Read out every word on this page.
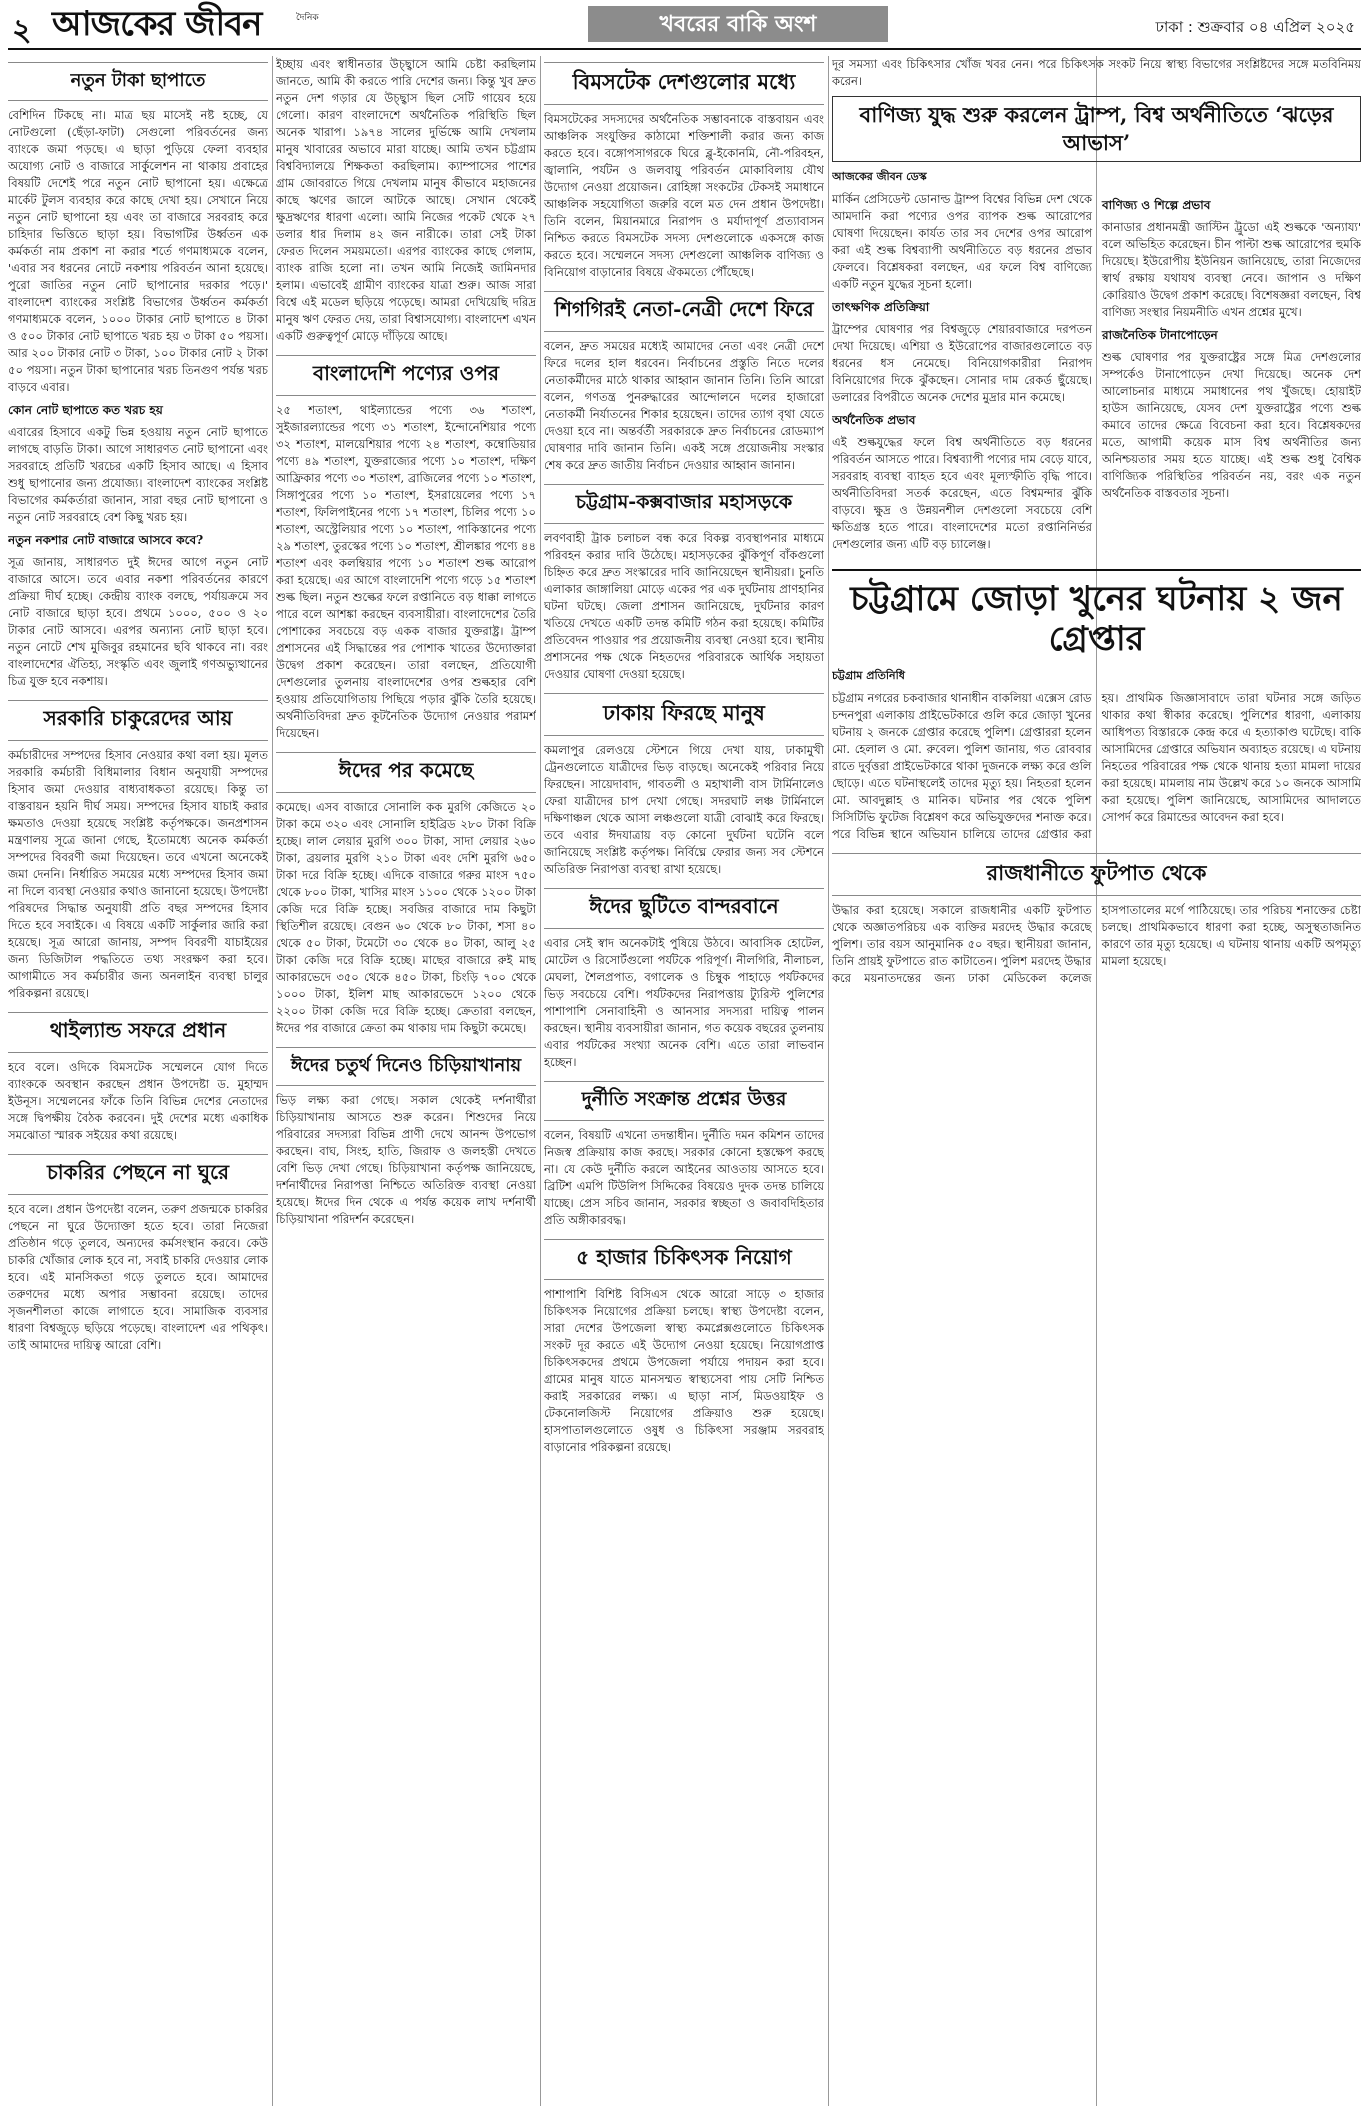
২ আজকের জীবন	দৈনিক	খবরের বাকি অংশ	ঢাকা : শুক্রবার ০৪ এপ্রিল ২০২৫
নতুন টাকা ছাপাতে

বেশিদিন টিকছে না। মাত্র ছয় মাসেই নষ্ট হচ্ছে, যে নোটগুলো (ছেঁড়া-ফাটা) সেগুলো পরিবর্তনের জন্য ব্যাংকে জমা পড়ছে। এ ছাড়া পুড়িয়ে ফেলা ব্যবহার অযোগ্য নোট ও বাজারে সার্কুলেশন না থাকায় প্রবাহের বিষয়টি দেশেই পরে নতুন নোট ছাপানো হয়। এক্ষেত্রে মার্কেট টুলস ব্যবহার করে কাছে দেখা হয়। সেখানে নিয়ে নতুন নোট ছাপানো হয় এবং তা বাজারে সরবরাহ করে চাহিদার ভিত্তিতে ছাড়া হয়। বিভাগটির উর্ধ্বতন এক কর্মকর্তা নাম প্রকাশ না করার শর্তে গণমাধ্যমকে বলেন, 'এবার সব ধরনের নোটে নকশায় পরিবর্তন আনা হয়েছে। পুরো জাতির নতুন নোট ছাপানোর দরকার পড়ে।' বাংলাদেশ ব্যাংকের সংশ্লিষ্ট বিভাগের উর্ধ্বতন কর্মকর্তা গণমাধ্যমকে বলেন, ১০০০ টাকার নোট ছাপাতে ৪ টাকা ও ৫০০ টাকার নোট ছাপাতে খরচ হয় ৩ টাকা ৫০ পয়সা। আর ২০০ টাকার নোট ৩ টাকা, ১০০ টাকার নোট ২ টাকা ৫০ পয়সা। নতুন টাকা ছাপানোর খরচ তিনগুণ পর্যন্ত খরচ বাড়বে এবার।

কোন নোট ছাপাতে কত খরচ হয়

এবারের হিসাবে একটু ভিন্ন হওয়ায় নতুন নোট ছাপাতে লাগছে বাড়তি টাকা। আগে সাধারণত নোট ছাপানো এবং সরবরাহে প্রতিটি খরচের একটি হিসাব আছে। এ হিসাব শুধু ছাপানোর জন্য প্রযোজ্য। বাংলাদেশ ব্যাংকের সংশ্লিষ্ট বিভাগের কর্মকর্তারা জানান, সারা বছর নোট ছাপানো ও নতুন নোট সরবরাহে বেশ কিছু খরচ হয়।

নতুন নকশার নোট বাজারে আসবে কবে?

সূত্র জানায়, সাধারণত দুই ঈদের আগে নতুন নোট বাজারে আসে। তবে এবার নকশা পরিবর্তনের কারণে প্রক্রিয়া দীর্ঘ হচ্ছে। কেন্দ্রীয় ব্যাংক বলছে, পর্যায়ক্রমে সব নোট বাজারে ছাড়া হবে। প্রথমে ১০০০, ৫০০ ও ২০ টাকার নোট আসবে। এরপর অন্যান্য নোট ছাড়া হবে। নতুন নোটে শেখ মুজিবুর রহমানের ছবি থাকবে না। বরং বাংলাদেশের ঐতিহ্য, সংস্কৃতি এবং জুলাই গণঅভ্যুত্থানের চিত্র যুক্ত হবে নকশায়।

সরকারি চাকুরেদের আয়

কর্মচারীদের সম্পদের হিসাব নেওয়ার কথা বলা হয়। মূলত সরকারি কর্মচারী বিধিমালার বিধান অনুযায়ী সম্পদের হিসাব জমা দেওয়ার বাধ্যবাধকতা রয়েছে। কিন্তু তা বাস্তবায়ন হয়নি দীর্ঘ সময়। সম্পদের হিসাব যাচাই করার ক্ষমতাও দেওয়া হয়েছে সংশ্লিষ্ট কর্তৃপক্ষকে। জনপ্রশাসন মন্ত্রণালয় সূত্রে জানা গেছে, ইতোমধ্যে অনেক কর্মকর্তা সম্পদের বিবরণী জমা দিয়েছেন। তবে এখনো অনেকেই জমা দেননি। নির্ধারিত সময়ের মধ্যে সম্পদের হিসাব জমা না দিলে ব্যবস্থা নেওয়ার কথাও জানানো হয়েছে। উপদেষ্টা পরিষদের সিদ্ধান্ত অনুযায়ী প্রতি বছর সম্পদের হিসাব দিতে হবে সবাইকে। এ বিষয়ে একটি সার্কুলার জারি করা হয়েছে। সূত্র আরো জানায়, সম্পদ বিবরণী যাচাইয়ের জন্য ডিজিটাল পদ্ধতিতে তথ্য সংরক্ষণ করা হবে। আগামীতে সব কর্মচারীর জন্য অনলাইন ব্যবস্থা চালুর পরিকল্পনা রয়েছে।

থাইল্যান্ড সফরে প্রধান

হবে বলে। ওদিকে বিমসটেক সম্মেলনে যোগ দিতে ব্যাংককে অবস্থান করছেন প্রধান উপদেষ্টা ড. মুহাম্মদ ইউনূস। সম্মেলনের ফাঁকে তিনি বিভিন্ন দেশের নেতাদের সঙ্গে দ্বিপক্ষীয় বৈঠক করবেন। দুই দেশের মধ্যে একাধিক সমঝোতা স্মারক সইয়ের কথা রয়েছে।

চাকরির পেছনে না ঘুরে

হবে বলে। প্রধান উপদেষ্টা বলেন, তরুণ প্রজন্মকে চাকরির পেছনে না ঘুরে উদ্যোক্তা হতে হবে। তারা নিজেরা প্রতিষ্ঠান গড়ে তুলবে, অন্যদের কর্মসংস্থান করবে। কেউ চাকরি খোঁজার লোক হবে না, সবাই চাকরি দেওয়ার লোক হবে। এই মানসিকতা গড়ে তুলতে হবে। আমাদের তরুণদের মধ্যে অপার সম্ভাবনা রয়েছে। তাদের সৃজনশীলতা কাজে লাগাতে হবে। সামাজিক ব্যবসার ধারণা বিশ্বজুড়ে ছড়িয়ে পড়েছে। বাংলাদেশ এর পথিকৃৎ। তাই আমাদের দায়িত্ব আরো বেশি।

ইচ্ছায় এবং স্বাধীনতার উচ্ছ্বাসে আমি চেষ্টা করছিলাম জানতে, আমি কী করতে পারি দেশের জন্য। কিন্তু খুব দ্রুত নতুন দেশ গড়ার যে উচ্ছ্বাস ছিল সেটি গায়েব হয়ে গেলো। কারণ বাংলাদেশে অর্থনৈতিক পরিস্থিতি ছিল অনেক খারাপ। ১৯৭৪ সালের দুর্ভিক্ষে আমি দেখলাম মানুষ খাবারের অভাবে মারা যাচ্ছে। আমি তখন চট্টগ্রাম বিশ্ববিদ্যালয়ে শিক্ষকতা করছিলাম। ক্যাম্পাসের পাশের গ্রাম জোবরাতে গিয়ে দেখলাম মানুষ কীভাবে মহাজনের কাছে ঋণের জালে আটকে আছে। সেখান থেকেই ক্ষুদ্রঋণের ধারণা এলো। আমি নিজের পকেট থেকে ২৭ ডলার ধার দিলাম ৪২ জন নারীকে। তারা সেই টাকা ফেরত দিলেন সময়মতো। এরপর ব্যাংকের কাছে গেলাম, ব্যাংক রাজি হলো না। তখন আমি নিজেই জামিনদার হলাম। এভাবেই গ্রামীণ ব্যাংকের যাত্রা শুরু। আজ সারা বিশ্বে এই মডেল ছড়িয়ে পড়েছে। আমরা দেখিয়েছি দরিদ্র মানুষ ঋণ ফেরত দেয়, তারা বিশ্বাসযোগ্য। বাংলাদেশ এখন একটি গুরুত্বপূর্ণ মোড়ে দাঁড়িয়ে আছে।

বাংলাদেশি পণ্যের ওপর

২৫ শতাংশ, থাইল্যান্ডের পণ্যে ৩৬ শতাংশ, সুইজারল্যান্ডের পণ্যে ৩১ শতাংশ, ইন্দোনেশিয়ার পণ্যে ৩২ শতাংশ, মালয়েশিয়ার পণ্যে ২৪ শতাংশ, কম্বোডিয়ার পণ্যে ৪৯ শতাংশ, যুক্তরাজ্যের পণ্যে ১০ শতাংশ, দক্ষিণ আফ্রিকার পণ্যে ৩০ শতাংশ, ব্রাজিলের পণ্যে ১০ শতাংশ, সিঙ্গাপুরের পণ্যে ১০ শতাংশ, ইসরায়েলের পণ্যে ১৭ শতাংশ, ফিলিপাইনের পণ্যে ১৭ শতাংশ, চিলির পণ্যে ১০ শতাংশ, অস্ট্রেলিয়ার পণ্যে ১০ শতাংশ, পাকিস্তানের পণ্যে ২৯ শতাংশ, তুরস্কের পণ্যে ১০ শতাংশ, শ্রীলঙ্কার পণ্যে ৪৪ শতাংশ এবং কলম্বিয়ার পণ্যে ১০ শতাংশ শুল্ক আরোপ করা হয়েছে। এর আগে বাংলাদেশি পণ্যে গড়ে ১৫ শতাংশ শুল্ক ছিল। নতুন শুল্কের ফলে রপ্তানিতে বড় ধাক্কা লাগতে পারে বলে আশঙ্কা করছেন ব্যবসায়ীরা। বাংলাদেশের তৈরি পোশাকের সবচেয়ে বড় একক বাজার যুক্তরাষ্ট্র। ট্রাম্প প্রশাসনের এই সিদ্ধান্তের পর পোশাক খাতের উদ্যোক্তারা উদ্বেগ প্রকাশ করেছেন। তারা বলছেন, প্রতিযোগী দেশগুলোর তুলনায় বাংলাদেশের ওপর শুল্কহার বেশি হওয়ায় প্রতিযোগিতায় পিছিয়ে পড়ার ঝুঁকি তৈরি হয়েছে। অর্থনীতিবিদরা দ্রুত কূটনৈতিক উদ্যোগ নেওয়ার পরামর্শ দিয়েছেন।

ঈদের পর কমেছে

কমেছে। এসব বাজারে সোনালি কক মুরগি কেজিতে ২০ টাকা কমে ৩২০ এবং সোনালি হাইব্রিড ২৮০ টাকা বিক্রি হচ্ছে। লাল লেয়ার মুরগি ৩০০ টাকা, সাদা লেয়ার ২৬০ টাকা, ব্রয়লার মুরগি ২১০ টাকা এবং দেশি মুরগি ৬৫০ টাকা দরে বিক্রি হচ্ছে। এদিকে বাজারে গরুর মাংস ৭৫০ থেকে ৮০০ টাকা, খাসির মাংস ১১০০ থেকে ১২০০ টাকা কেজি দরে বিক্রি হচ্ছে। সবজির বাজারে দাম কিছুটা স্থিতিশীল রয়েছে। বেগুন ৬০ থেকে ৮০ টাকা, শসা ৪০ থেকে ৫০ টাকা, টমেটো ৩০ থেকে ৪০ টাকা, আলু ২৫ টাকা কেজি দরে বিক্রি হচ্ছে। মাছের বাজারে রুই মাছ আকারভেদে ৩৫০ থেকে ৪৫০ টাকা, চিংড়ি ৭০০ থেকে ১০০০ টাকা, ইলিশ মাছ আকারভেদে ১২০০ থেকে ২২০০ টাকা কেজি দরে বিক্রি হচ্ছে। ক্রেতারা বলছেন, ঈদের পর বাজারে ক্রেতা কম থাকায় দাম কিছুটা কমেছে।

ঈদের চতুর্থ দিনেও চিড়িয়াখানায়

ভিড় লক্ষ্য করা গেছে। সকাল থেকেই দর্শনার্থীরা চিড়িয়াখানায় আসতে শুরু করেন। শিশুদের নিয়ে পরিবারের সদস্যরা বিভিন্ন প্রাণী দেখে আনন্দ উপভোগ করছেন। বাঘ, সিংহ, হাতি, জিরাফ ও জলহস্তী দেখতে বেশি ভিড় দেখা গেছে। চিড়িয়াখানা কর্তৃপক্ষ জানিয়েছে, দর্শনার্থীদের নিরাপত্তা নিশ্চিতে অতিরিক্ত ব্যবস্থা নেওয়া হয়েছে। ঈদের দিন থেকে এ পর্যন্ত কয়েক লাখ দর্শনার্থী চিড়িয়াখানা পরিদর্শন করেছেন।

বিমসটেক দেশগুলোর মধ্যে

বিমসটেকের সদস্যদের অর্থনৈতিক সম্ভাবনাকে বাস্তবায়ন এবং আঞ্চলিক সংযুক্তির কাঠামো শক্তিশালী করার জন্য কাজ করতে হবে। বঙ্গোপসাগরকে ঘিরে ব্লু-ইকোনমি, নৌ-পরিবহন, জ্বালানি, পর্যটন ও জলবায়ু পরিবর্তন মোকাবিলায় যৌথ উদ্যোগ নেওয়া প্রয়োজন। রোহিঙ্গা সংকটের টেকসই সমাধানে আঞ্চলিক সহযোগিতা জরুরি বলে মত দেন প্রধান উপদেষ্টা। তিনি বলেন, মিয়ানমারে নিরাপদ ও মর্যাদাপূর্ণ প্রত্যাবাসন নিশ্চিত করতে বিমসটেক সদস্য দেশগুলোকে একসঙ্গে কাজ করতে হবে। সম্মেলনে সদস্য দেশগুলো আঞ্চলিক বাণিজ্য ও বিনিয়োগ বাড়ানোর বিষয়ে ঐকমত্যে পৌঁছেছে।

শিগগিরই নেতা-নেত্রী দেশে ফিরে

বলেন, দ্রুত সময়ের মধ্যেই আমাদের নেতা এবং নেত্রী দেশে ফিরে দলের হাল ধরবেন। নির্বাচনের প্রস্তুতি নিতে দলের নেতাকর্মীদের মাঠে থাকার আহ্বান জানান তিনি। তিনি আরো বলেন, গণতন্ত্র পুনরুদ্ধারের আন্দোলনে দলের হাজারো নেতাকর্মী নির্যাতনের শিকার হয়েছেন। তাদের ত্যাগ বৃথা যেতে দেওয়া হবে না। অন্তর্বর্তী সরকারকে দ্রুত নির্বাচনের রোডম্যাপ ঘোষণার দাবি জানান তিনি। একই সঙ্গে প্রয়োজনীয় সংস্কার শেষ করে দ্রুত জাতীয় নির্বাচন দেওয়ার আহ্বান জানান।

চট্টগ্রাম-কক্সবাজার মহাসড়কে

লবণবাহী ট্রাক চলাচল বন্ধ করে বিকল্প ব্যবস্থাপনার মাধ্যমে পরিবহন করার দাবি উঠেছে। মহাসড়কের ঝুঁকিপূর্ণ বাঁকগুলো চিহ্নিত করে দ্রুত সংস্কারের দাবি জানিয়েছেন স্থানীয়রা। চুনতি এলাকার জাঙ্গালিয়া মোড়ে একের পর এক দুর্ঘটনায় প্রাণহানির ঘটনা ঘটছে। জেলা প্রশাসন জানিয়েছে, দুর্ঘটনার কারণ খতিয়ে দেখতে একটি তদন্ত কমিটি গঠন করা হয়েছে। কমিটির প্রতিবেদন পাওয়ার পর প্রয়োজনীয় ব্যবস্থা নেওয়া হবে। স্থানীয় প্রশাসনের পক্ষ থেকে নিহতদের পরিবারকে আর্থিক সহায়তা দেওয়ার ঘোষণা দেওয়া হয়েছে।

ঢাকায় ফিরছে মানুষ

কমলাপুর রেলওয়ে স্টেশনে গিয়ে দেখা যায়, ঢাকামুখী ট্রেনগুলোতে যাত্রীদের ভিড় বাড়ছে। অনেকেই পরিবার নিয়ে ফিরছেন। সায়েদাবাদ, গাবতলী ও মহাখালী বাস টার্মিনালেও ফেরা যাত্রীদের চাপ দেখা গেছে। সদরঘাট লঞ্চ টার্মিনালে দক্ষিণাঞ্চল থেকে আসা লঞ্চগুলো যাত্রী বোঝাই করে ফিরছে। তবে এবার ঈদযাত্রায় বড় কোনো দুর্ঘটনা ঘটেনি বলে জানিয়েছে সংশ্লিষ্ট কর্তৃপক্ষ। নির্বিঘ্নে ফেরার জন্য সব স্টেশনে অতিরিক্ত নিরাপত্তা ব্যবস্থা রাখা হয়েছে।

ঈদের ছুটিতে বান্দরবানে

এবার সেই স্বাদ অনেকটাই পুষিয়ে উঠবে। আবাসিক হোটেল, মোটেল ও রিসোর্টগুলো পর্যটকে পরিপূর্ণ। নীলগিরি, নীলাচল, মেঘলা, শৈলপ্রপাত, বগালেক ও চিম্বুক পাহাড়ে পর্যটকদের ভিড় সবচেয়ে বেশি। পর্যটকদের নিরাপত্তায় ট্যুরিস্ট পুলিশের পাশাপাশি সেনাবাহিনী ও আনসার সদস্যরা দায়িত্ব পালন করছেন। স্থানীয় ব্যবসায়ীরা জানান, গত কয়েক বছরের তুলনায় এবার পর্যটকের সংখ্যা অনেক বেশি। এতে তারা লাভবান হচ্ছেন।

দুর্নীতি সংক্রান্ত প্রশ্নের উত্তর

বলেন, বিষয়টি এখনো তদন্তাধীন। দুর্নীতি দমন কমিশন তাদের নিজস্ব প্রক্রিয়ায় কাজ করছে। সরকার কোনো হস্তক্ষেপ করছে না। যে কেউ দুর্নীতি করলে আইনের আওতায় আসতে হবে। ব্রিটিশ এমপি টিউলিপ সিদ্দিকের বিষয়েও দুদক তদন্ত চালিয়ে যাচ্ছে। প্রেস সচিব জানান, সরকার স্বচ্ছতা ও জবাবদিহিতার প্রতি অঙ্গীকারবদ্ধ।

৫ হাজার চিকিৎসক নিয়োগ

পাশাপাশি বিশিষ্ট বিসিএস থেকে আরো সাড়ে ৩ হাজার চিকিৎসক নিয়োগের প্রক্রিয়া চলছে। স্বাস্থ্য উপদেষ্টা বলেন, সারা দেশের উপজেলা স্বাস্থ্য কমপ্লেক্সগুলোতে চিকিৎসক সংকট দূর করতে এই উদ্যোগ নেওয়া হয়েছে। নিয়োগপ্রাপ্ত চিকিৎসকদের প্রথমে উপজেলা পর্যায়ে পদায়ন করা হবে। গ্রামের মানুষ যাতে মানসম্মত স্বাস্থ্যসেবা পায় সেটি নিশ্চিত করাই সরকারের লক্ষ্য। এ ছাড়া নার্স, মিডওয়াইফ ও টেকনোলজিস্ট নিয়োগের প্রক্রিয়াও শুরু হয়েছে। হাসপাতালগুলোতে ওষুধ ও চিকিৎসা সরঞ্জাম সরবরাহ বাড়ানোর পরিকল্পনা রয়েছে।

দূর সমস্যা এবং চিকিৎসার খোঁজ খবর নেন। পরে চিকিৎসক সংকট নিয়ে স্বাস্থ্য বিভাগের সংশ্লিষ্টদের সঙ্গে মতবিনিময় করেন।

বাণিজ্য যুদ্ধ শুরু করলেন ট্রাম্প, বিশ্ব অর্থনীতিতে ‘ঝড়ের আভাস’
আজকের জীবন ডেস্ক

মার্কিন প্রেসিডেন্ট ডোনাল্ড ট্রাম্প বিশ্বের বিভিন্ন দেশ থেকে আমদানি করা পণ্যের ওপর ব্যাপক শুল্ক আরোপের ঘোষণা দিয়েছেন। কার্যত তার সব দেশের ওপর আরোপ করা এই শুল্ক বিশ্বব্যাপী অর্থনীতিতে বড় ধরনের প্রভাব ফেলবে। বিশ্লেষকরা বলছেন, এর ফলে বিশ্ব বাণিজ্যে একটি নতুন যুদ্ধের সূচনা হলো।

তাৎক্ষণিক প্রতিক্রিয়া

ট্রাম্পের ঘোষণার পর বিশ্বজুড়ে শেয়ারবাজারে দরপতন দেখা দিয়েছে। এশিয়া ও ইউরোপের বাজারগুলোতে বড় ধরনের ধস নেমেছে। বিনিয়োগকারীরা নিরাপদ বিনিয়োগের দিকে ঝুঁকছেন। সোনার দাম রেকর্ড ছুঁয়েছে। ডলারের বিপরীতে অনেক দেশের মুদ্রার মান কমেছে।

অর্থনৈতিক প্রভাব

এই শুল্কযুদ্ধের ফলে বিশ্ব অর্থনীতিতে বড় ধরনের পরিবর্তন আসতে পারে। বিশ্বব্যাপী পণ্যের দাম বেড়ে যাবে, সরবরাহ ব্যবস্থা ব্যাহত হবে এবং মূল্যস্ফীতি বৃদ্ধি পাবে। অর্থনীতিবিদরা সতর্ক করেছেন, এতে বিশ্বমন্দার ঝুঁকি বাড়বে। ক্ষুদ্র ও উন্নয়নশীল দেশগুলো সবচেয়ে বেশি ক্ষতিগ্রস্ত হতে পারে। বাংলাদেশের মতো রপ্তানিনির্ভর দেশগুলোর জন্য এটি বড় চ্যালেঞ্জ।

বাণিজ্য ও শিল্পে প্রভাব

কানাডার প্রধানমন্ত্রী জাস্টিন ট্রুডো এই শুল্ককে 'অন্যায্য' বলে অভিহিত করেছেন। চীন পাল্টা শুল্ক আরোপের হুমকি দিয়েছে। ইউরোপীয় ইউনিয়ন জানিয়েছে, তারা নিজেদের স্বার্থ রক্ষায় যথাযথ ব্যবস্থা নেবে। জাপান ও দক্ষিণ কোরিয়াও উদ্বেগ প্রকাশ করেছে। বিশেষজ্ঞরা বলছেন, বিশ্ব বাণিজ্য সংস্থার নিয়মনীতি এখন প্রশ্নের মুখে।

রাজনৈতিক টানাপোড়েন

শুল্ক ঘোষণার পর যুক্তরাষ্ট্রের সঙ্গে মিত্র দেশগুলোর সম্পর্কেও টানাপোড়েন দেখা দিয়েছে। অনেক দেশ আলোচনার মাধ্যমে সমাধানের পথ খুঁজছে। হোয়াইট হাউস জানিয়েছে, যেসব দেশ যুক্তরাষ্ট্রের পণ্যে শুল্ক কমাবে তাদের ক্ষেত্রে বিবেচনা করা হবে। বিশ্লেষকদের মতে, আগামী কয়েক মাস বিশ্ব অর্থনীতির জন্য অনিশ্চয়তার সময় হতে যাচ্ছে। এই শুল্ক শুধু বৈশ্বিক বাণিজ্যিক পরিস্থিতির পরিবর্তন নয়, বরং এক নতুন অর্থনৈতিক বাস্তবতার সূচনা।

চট্টগ্রামে জোড়া খুনের ঘটনায় ২ জন গ্রেপ্তার
চট্টগ্রাম প্রতিনিধি

চট্টগ্রাম নগরের চকবাজার থানাধীন বাকলিয়া এক্সেস রোড চন্দনপুরা এলাকায় প্রাইভেটকারে গুলি করে জোড়া খুনের ঘটনায় ২ জনকে গ্রেপ্তার করেছে পুলিশ। গ্রেপ্তাররা হলেন মো. হেলাল ও মো. রুবেল। পুলিশ জানায়, গত রোববার রাতে দুর্বৃত্তরা প্রাইভেটকারে থাকা দুজনকে লক্ষ্য করে গুলি ছোড়ে। এতে ঘটনাস্থলেই তাদের মৃত্যু হয়। নিহতরা হলেন মো. আবদুল্লাহ ও মানিক। ঘটনার পর থেকে পুলিশ সিসিটিভি ফুটেজ বিশ্লেষণ করে অভিযুক্তদের শনাক্ত করে। পরে বিভিন্ন স্থানে অভিযান চালিয়ে তাদের গ্রেপ্তার করা হয়। প্রাথমিক জিজ্ঞাসাবাদে তারা ঘটনার সঙ্গে জড়িত থাকার কথা স্বীকার করেছে। পুলিশের ধারণা, এলাকায় আধিপত্য বিস্তারকে কেন্দ্র করে এ হত্যাকাণ্ড ঘটেছে। বাকি আসামিদের গ্রেপ্তারে অভিযান অব্যাহত রয়েছে। এ ঘটনায় নিহতের পরিবারের পক্ষ থেকে থানায় হত্যা মামলা দায়ের করা হয়েছে। মামলায় নাম উল্লেখ করে ১০ জনকে আসামি করা হয়েছে। পুলিশ জানিয়েছে, আসামিদের আদালতে সোপর্দ করে রিমান্ডের আবেদন করা হবে।

রাজধানীতে ফুটপাত থেকে

উদ্ধার করা হয়েছে। সকালে রাজধানীর একটি ফুটপাত থেকে অজ্ঞাতপরিচয় এক ব্যক্তির মরদেহ উদ্ধার করেছে পুলিশ। তার বয়স আনুমানিক ৫০ বছর। স্থানীয়রা জানান, তিনি প্রায়ই ফুটপাতে রাত কাটাতেন। পুলিশ মরদেহ উদ্ধার করে ময়নাতদন্তের জন্য ঢাকা মেডিকেল কলেজ হাসপাতালের মর্গে পাঠিয়েছে। তার পরিচয় শনাক্তের চেষ্টা চলছে। প্রাথমিকভাবে ধারণা করা হচ্ছে, অসুস্থতাজনিত কারণে তার মৃত্যু হয়েছে। এ ঘটনায় থানায় একটি অপমৃত্যু মামলা হয়েছে।
